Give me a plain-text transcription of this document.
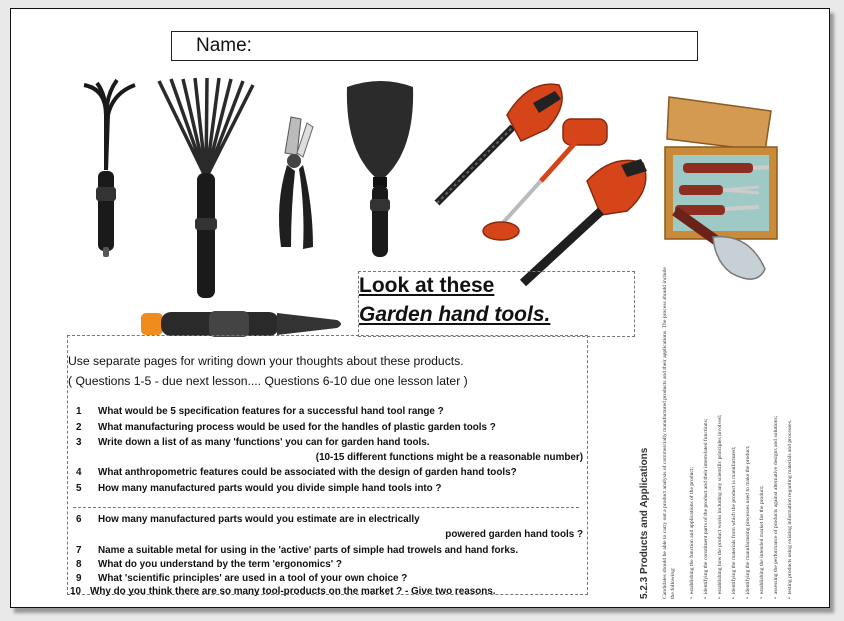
Name:
Look at these
Garden hand tools.
Use separate pages for writing down your thoughts about these products.
( Questions 1-5 - due next lesson.... Questions 6-10 due one lesson later )
1 What would be 5 specification features for a successful hand tool range ?
2 What manufacturing process would be used for the handles of plastic garden tools ?
3 Write down a list of as many 'functions' you can for garden hand tools.
(10-15 different functions might be a reasonable number)
4 What anthropometric features could be associated with the design of garden hand tools?
5 How many manufactured parts would you divide simple hand tools into ?
6 How many manufactured parts would you estimate are in electrically
powered garden hand tools ?
7 Name a suitable metal for using in the 'active' parts of simple had trowels and hand forks.
8 What do you understand by the term 'ergonomics' ?
9 What 'scientific principles' are used in a tool of your own choice ?
10 Why do you think there are so many tool-products on the market ? - Give two reasons.	5.2.3 Products and Applications Candidates should be able to carry out a product analysis of commercially manufactured products and their applications. The process should include the following: •  establishing the function and applications of the product;
•  identifying the constituent parts of the product and their interrelated functions;
•  establishing how the product works including any scientific principles involved;
•  identifying the materials from which the product is manufactured;
•  identifying the manufacturing processes used to make the product;
•  establishing the intended market for the product;
•  assessing the performance of products against alternative designs and solutions;
•  testing products using existing information regarding materials and processes.
